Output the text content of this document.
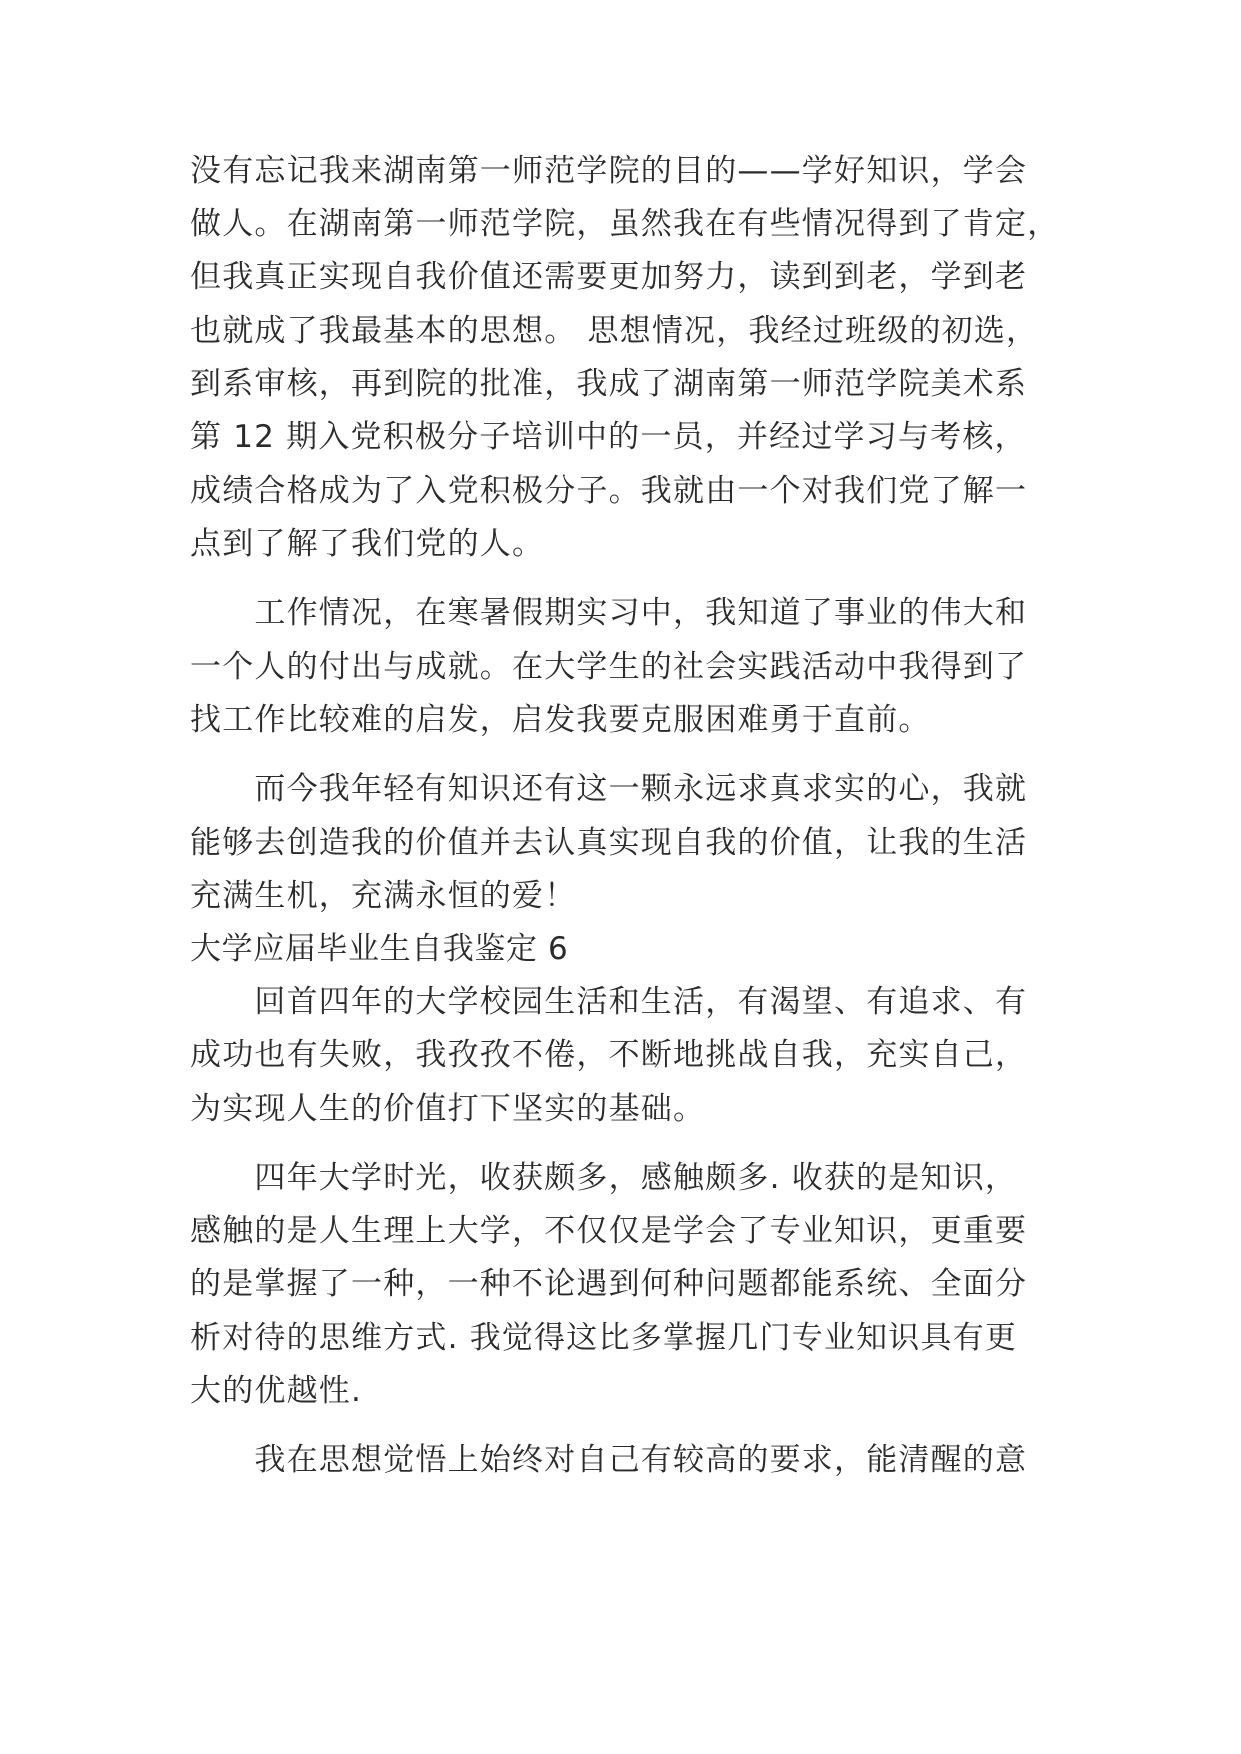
没有忘记我来湖南第一师范学院的目的——学好知识，学会
做人。在湖南第一师范学院，虽然我在有些情况得到了肯定，
但我真正实现自我价值还需要更加努力，读到到老，学到老
也就成了我最基本的思想。 思想情况，我经过班级的初选，
到系审核，再到院的批准，我成了湖南第一师范学院美术系
第 12 期入党积极分子培训中的一员，并经过学习与考核，
成绩合格成为了入党积极分子。我就由一个对我们党了解一
点到了解了我们党的人。
　　工作情况，在寒暑假期实习中，我知道了事业的伟大和
一个人的付出与成就。在大学生的社会实践活动中我得到了
找工作比较难的启发，启发我要克服困难勇于直前。
　　而今我年轻有知识还有这一颗永远求真求实的心，我就
能够去创造我的价值并去认真实现自我的价值，让我的生活
充满生机，充满永恒的爱！
大学应届毕业生自我鉴定 6
　　回首四年的大学校园生活和生活，有渴望、有追求、有
成功也有失败，我孜孜不倦，不断地挑战自我，充实自己，
为实现人生的价值打下坚实的基础。
　　四年大学时光，收获颇多，感触颇多. 收获的是知识，
感触的是人生理上大学，不仅仅是学会了专业知识，更重要
的是掌握了一种，一种不论遇到何种问题都能系统、全面分
析对待的思维方式. 我觉得这比多掌握几门专业知识具有更
大的优越性.
　　我在思想觉悟上始终对自己有较高的要求，能清醒的意
